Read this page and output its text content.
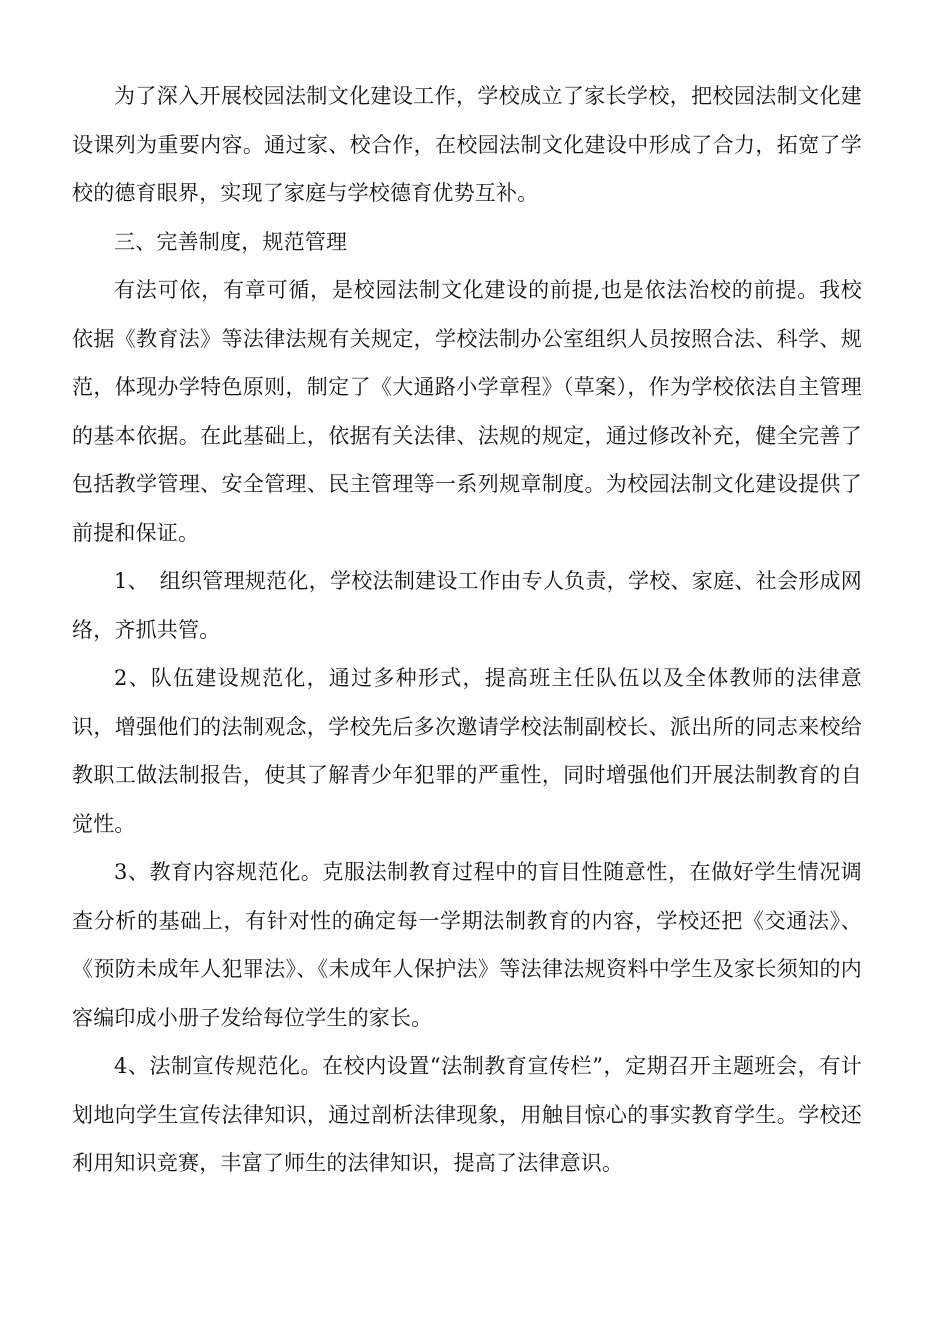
为了深入开展校园法制文化建设工作，学校成立了家长学校，把校园法制文化建设课列为重要内容。通过家、校合作，在校园法制文化建设中形成了合力，拓宽了学校的德育眼界，实现了家庭与学校德育优势互补。

三、完善制度，规范管理

有法可依，有章可循，是校园法制文化建设的前提,也是依法治校的前提。我校依据《教育法》等法律法规有关规定，学校法制办公室组织人员按照合法、科学、规范，体现办学特色原则，制定了《大通路小学章程》（草案），作为学校依法自主管理的基本依据。在此基础上，依据有关法律、法规的规定，通过修改补充，健全完善了包括教学管理、安全管理、民主管理等一系列规章制度。为校园法制文化建设提供了前提和保证。

1、　组织管理规范化，学校法制建设工作由专人负责，学校、家庭、社会形成网络，齐抓共管。

2、队伍建设规范化，通过多种形式，提高班主任队伍以及全体教师的法律意识，增强他们的法制观念，学校先后多次邀请学校法制副校长、派出所的同志来校给教职工做法制报告，使其了解青少年犯罪的严重性，同时增强他们开展法制教育的自觉性。

3、教育内容规范化。克服法制教育过程中的盲目性随意性，在做好学生情况调查分析的基础上，有针对性的确定每一学期法制教育的内容，学校还把《交通法》、《预防未成年人犯罪法》、《未成年人保护法》等法律法规资料中学生及家长须知的内容编印成小册子发给每位学生的家长。

4、法制宣传规范化。在校内设置“法制教育宣传栏”，定期召开主题班会，有计划地向学生宣传法律知识，通过剖析法律现象，用触目惊心的事实教育学生。学校还利用知识竞赛，丰富了师生的法律知识，提高了法律意识。
